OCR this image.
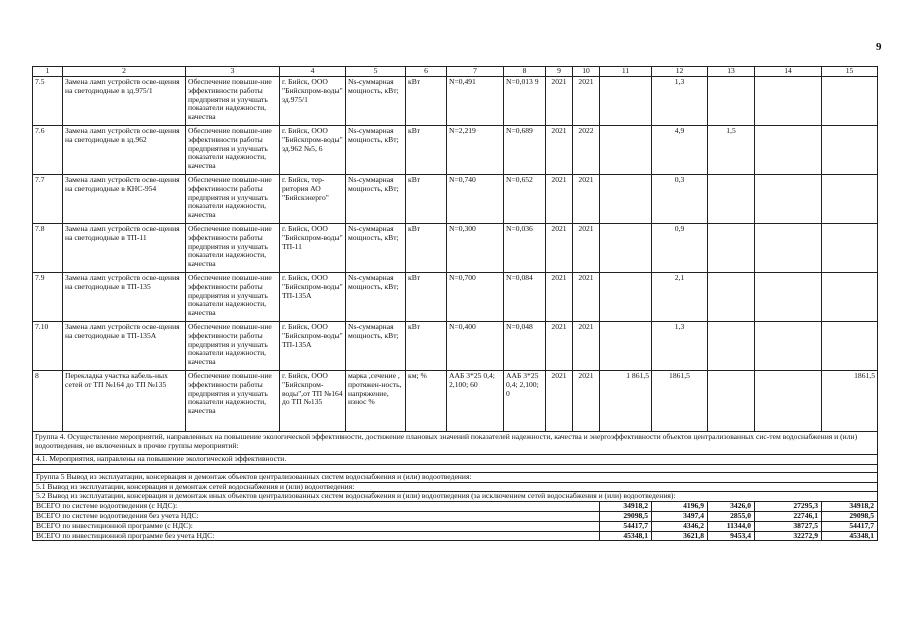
9
1	2	3	4	5	6	7	8	9	10	11	12	13	14	15
7.5	Замена ламп устройств осве-щения на светодиодные в зд.975/1	Обеспечение повыше-ние эффективности работы предприятия и улучшать показатели надежности, качества	г. Бийск, ООО "Бийскпром-воды" зд.975/1	Ns-суммарная мощность, кВт;	кВт	N=0,491	N=0,013 9	2021	2021		1,3			
7.6	Замена ламп устройств осве-щения на светодиодные в зд.962	Обеспечение повыше-ние эффективности работы предприятия и улучшать показатели надежности, качества	г. Бийск, ООО "Бийскпром-воды" зд.962 №5, 6	Ns-суммарная мощность, кВт;	кВт	N=2,219	N=0,689	2021	2022		4,9	1,5		
7.7	Замена ламп устройств осве-щения на светодиодные в КНС-954	Обеспечение повыше-ние эффективности работы предприятия и улучшать показатели надежности, качества	г. Бийск, тер-ритория АО "Бийскэнерго"	Ns-суммарная мощность, кВт;	кВт	N=0,740	N=0,652	2021	2021		0,3			
7.8	Замена ламп устройств осве-щения на светодиодные в ТП-11	Обеспечение повыше-ние эффективности работы предприятия и улучшать показатели надежности, качества	г. Бийск, ООО "Бийскпром-воды" ТП-11	Ns-суммарная мощность, кВт;	кВт	N=0,300	N=0,036	2021	2021		0,9			
7.9	Замена ламп устройств осве-щения на светодиодные в ТП-135	Обеспечение повыше-ние эффективности работы предприятия и улучшать показатели надежности, качества	г. Бийск, ООО "Бийскпром-воды" ТП-135А	Ns-суммарная мощность, кВт;	кВт	N=0,700	N=0,084	2021	2021		2,1			
7.10	Замена ламп устройств осве-щения на светодиодные в ТП-135А	Обеспечение повыше-ние эффективности работы предприятия и улучшать показатели надежности, качества	г. Бийск, ООО "Бийскпром-воды" ТП-135А	Ns-суммарная мощность, кВт;	кВт	N=0,400	N=0,048	2021	2021		1,3			
8	Перекладка участка кабель-ных сетей от ТП №164 до ТП №135	Обеспечение повыше-ние эффективности работы предприятия и улучшать показатели надежности, качества	г. Бийск, ООО "Бийскпром-воды",от ТП №164 до ТП №135	марка ,сечение , протяжен-ность, напряжение, износ %	км; %	ААБ 3*25 0,4; 2,100; 60	ААБ 3*25 0,4; 2,100; 0	2021	2021	1 861,5	1861,5			1861,5
Группа 4. Осуществление мероприятий, направленных на повышение экологической эффективности, достижение плановых значений показателей надежности, качества и энергоэффективности объектов централизованных сис-тем водоснабжения и (или) водоотведения, не включенных в прочие группы мероприятий:														
4.1. Мероприятия, направлены на повышение экологической эффективности.														

Группа 5 Вывод из эксплуатации, консервация и демонтаж объектов централизованных систем водоснабжения и (или) водоотведения:														
5.1 Вывод из эксплуатации, консервация и демонтаж сетей водоснабжения и (или) водоотведения:														
5.2 Вывод из эксплуатации, консервация и демонтаж иных объектов централизованных систем водоснабжения и (или) водоотведения (за исключением сетей водоснабжения и (или) водоотведения):														
ВСЕГО по системе водоотведения (с НДС):										34918,2	4196,9	3426,0	27295,3	34918,2
ВСЕГО по системе водоотведения без учета НДС:										29098,5	3497,4	2855,0	22746,1	29098,5
ВСЕГО по инвестиционной программе (с НДС):										54417,7	4346,2	11344,0	38727,5	54417,7
ВСЕГО по инвестиционной программе без учета НДС:										45348,1	3621,8	9453,4	32272,9	45348,1
